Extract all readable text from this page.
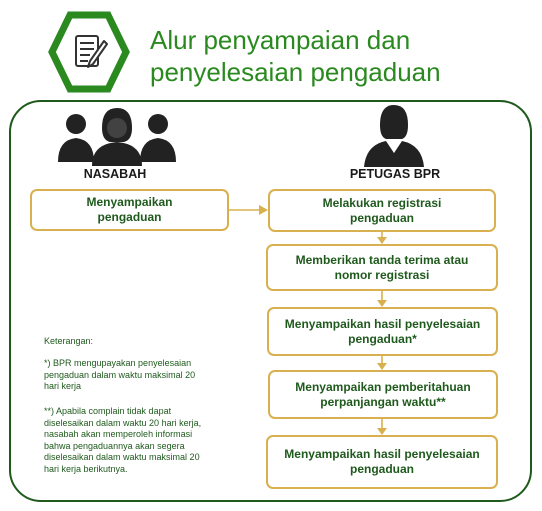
Alur penyampaian dan
penyelesaian pengaduan
NASABAH	PETUGAS BPR
Menyampaikan
pengaduan
Melakukan registrasi
pengaduan
Memberikan tanda terima atau
nomor registrasi
Menyampaikan hasil penyelesaian
pengaduan*
Menyampaikan pemberitahuan
perpanjangan waktu**
Menyampaikan hasil penyelesaian
pengaduan
Keterangan:
*) BPR mengupayakan penyelesaian
pengaduan dalam waktu maksimal 20
hari kerja
**) Apabila complain tidak dapat
diselesaikan dalam waktu 20 hari kerja,
nasabah akan memperoleh informasi
bahwa pengaduannya akan segera
diselesaikan dalam waktu maksimal 20
hari kerja berikutnya.
